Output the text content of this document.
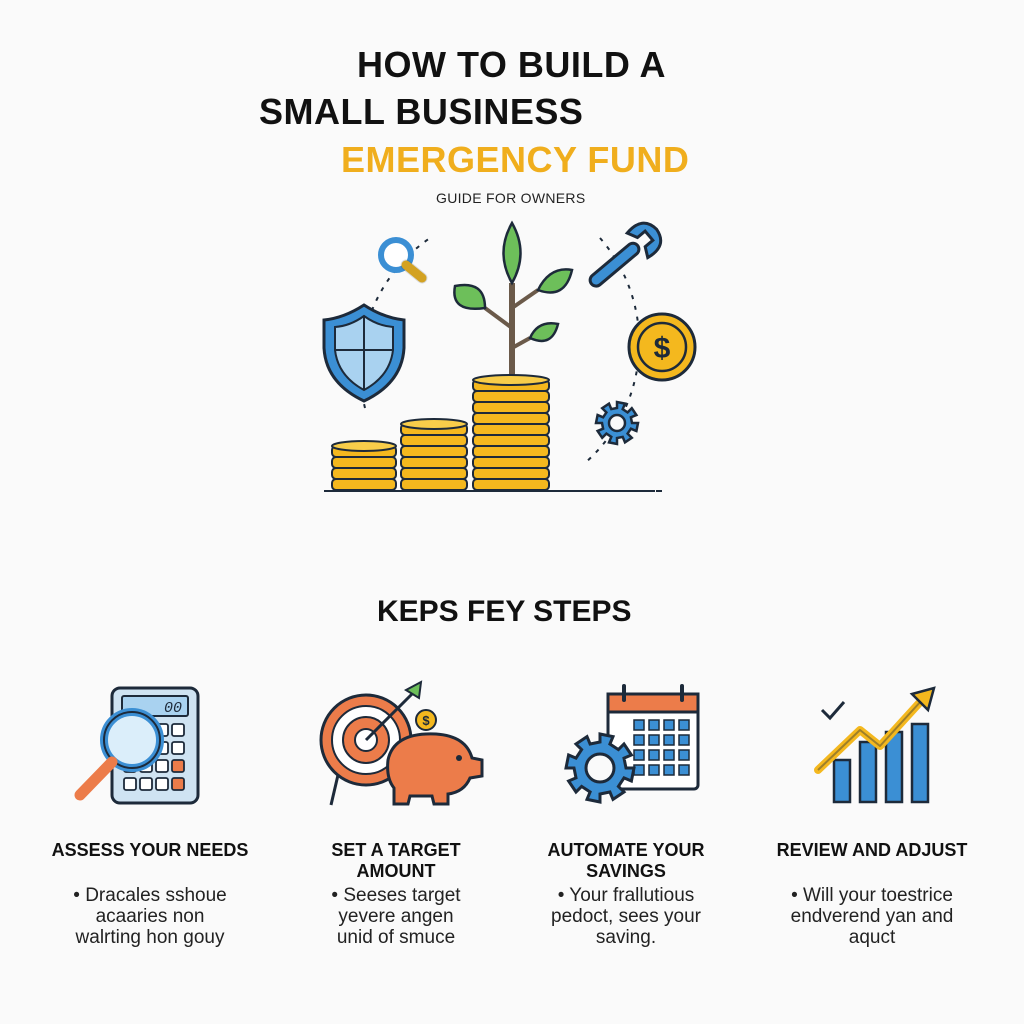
HOW TO BUILD A
SMALL BUSINESS
EMERGENCY FUND
GUIDE FOR OWNERS
$
KEPS FEY STEPS
00
ASSESS YOUR NEEDS
• Dracales sshoue
acaaries non
walrting hon gouy
$
SET A TARGET
AMOUNT
• Seeses target
yevere angen
unid of smuce
AUTOMATE YOUR
SAVINGS
• Your frallutious
pedoct, sees your
saving.
REVIEW AND ADJUST
• Will your toestrice
endverend yan and
aquct
